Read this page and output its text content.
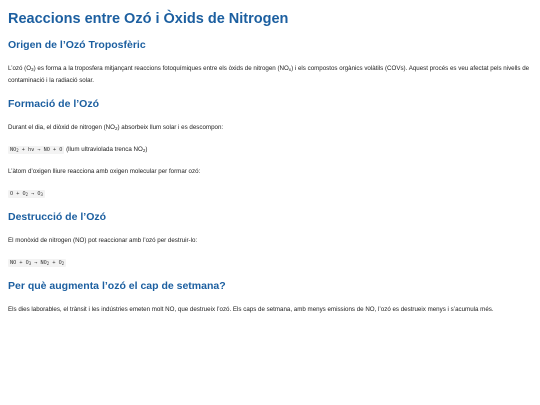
Reaccions entre Ozó i Òxids de Nitrogen
Origen de l’Ozó Troposfèric

L’ozó $(O_3)$ es forma a la troposfera mitjançant reaccions fotoquímiques entre els òxids de nitrogen $(NO_x)$ i els compostos orgànics volàtils (COVs). Aquest procés es veu afectat pels nivells de contaminació i la radiació solar.

Formació de l’Ozó

Durant el dia, el diòxid de nitrogen $(NO_2)$ absorbeix llum solar i es descompon:

$NO_2 + h\nu$ → NO + O (llum ultraviolada trenca $NO_2$)

L’àtom d’oxigen lliure reacciona amb oxigen molecular per formar ozó:

$O + O_2 \to O_3$

Destrucció de l’Ozó

El monòxid de nitrogen (NO) pot reaccionar amb l’ozó per destruir-lo:

NO + $O_3 \to NO_2 + O_2$

Per què augmenta l’ozó el cap de setmana?

Els dies laborables, el trànsit i les indústries emeten molt NO, que destrueix l’ozó. Els caps de setmana, amb menys emissions de NO, l’ozó es destrueix menys i s’acumula més.
